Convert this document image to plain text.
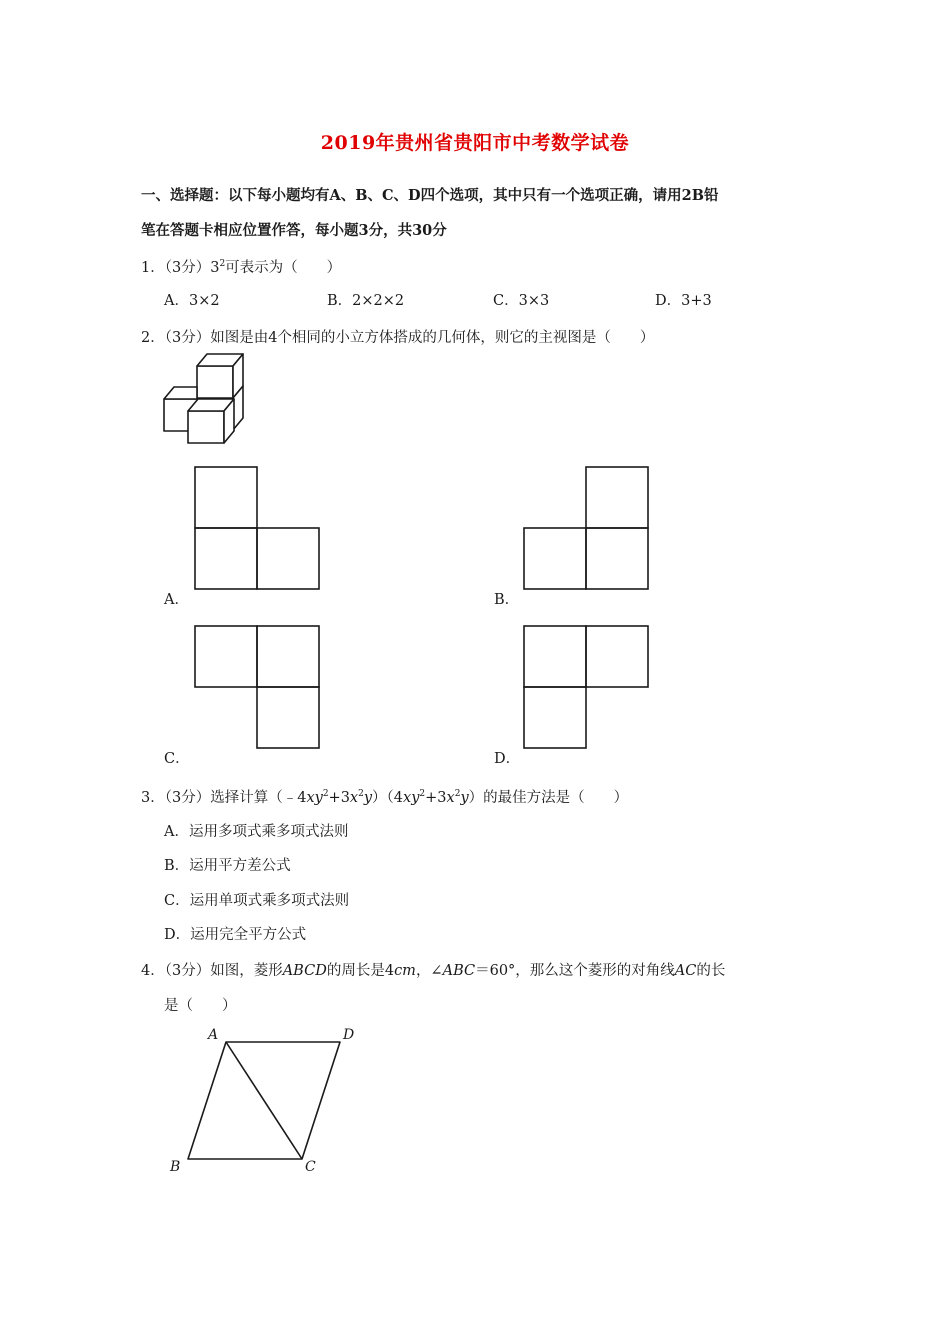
2019年贵州省贵阳市中考数学试卷
一、选择题：以下每小题均有A、B、C、D四个选项，其中只有一个选项正确，请用2B铅
笔在答题卡相应位置作答，每小题3分，共30分
1．（3分）$3^2$可表示为（　　）
A．3×2	B．2×2×2	C．3×3	D．3+3
2．（3分）如图是由4个相同的小立方体搭成的几何体，则它的主视图是（　　）
A．	B．
C．	D．
3．（3分）选择计算$(﹣4xy^2+3x^2y)(4xy^2+3x^2y)$的最佳方法是（　　）
A．运用多项式乘多项式法则
B．运用平方差公式
C．运用单项式乘多项式法则
D．运用完全平方公式
4．（3分）如图，菱形ABCD的周长是4cm，∠ABC＝60°，那么这个菱形的对角线AC的长
是（　　）
A	D
B	C
